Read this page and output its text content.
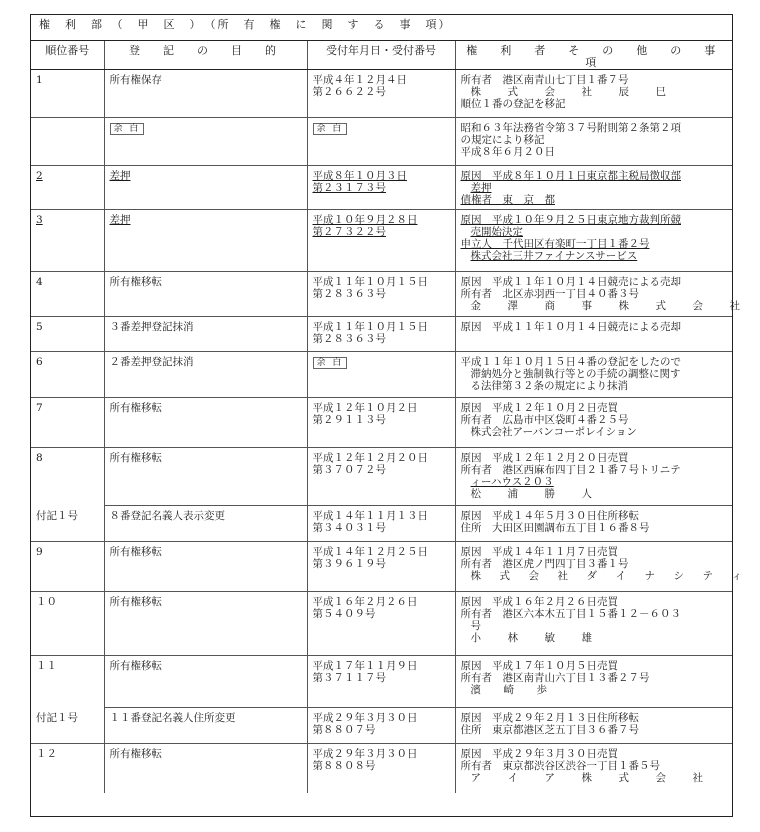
権　利　部　（　甲　区　）　（所　有　権　に　関　す　る　事　項）			
順位番号	登　記　の　目　的	受付年月日・受付番号	権　利　者　そ　の　他　の　事　項
1	所有権保存	平成４年１２月４日
第２６６２２号	所有者　港区南青山七丁目１番７号
株　式　会　社　辰　巳
順位１番の登記を移記

	余 白	余 白	昭和６３年法務省令第３７号附則第２条第２項
の規定により移記
平成８年６月２０日

2	差押	平成８年１０月３日
第２３１７３号	原因　平成８年１０月１日東京都主税局徴収部
差押
債権者　東　京　都

3	差押	平成１０年９月２８日
第２７３２２号	原因　平成１０年９月２５日東京地方裁判所競
売開始決定
申立人　千代田区有楽町一丁目１番２号
株式会社三井ファイナンスサービス

4	所有権移転	平成１１年１０月１５日
第２８３６３号	原因　平成１１年１０月１４日競売による売却
所有者　北区赤羽西一丁目４０番３号
金　澤　商　事　株　式　会　社

5	３番差押登記抹消	平成１１年１０月１５日
第２８３６３号	原因　平成１１年１０月１４日競売による売却

6	２番差押登記抹消	余 白	平成１１年１０月１５日４番の登記をしたので
滞納処分と強制執行等との手続の調整に関す
る法律第３２条の規定により抹消

7	所有権移転	平成１２年１０月２日
第２９１１３号	原因　平成１２年１０月２日売買
所有者　広島市中区袋町４番２５号
株式会社アーバンコーポレイション

8	所有権移転	平成１２年１２月２０日
第３７０７２号	原因　平成１２年１２月２０日売買
所有者　港区西麻布四丁目２１番７号トリニテ
ィーハウス２０３
松　浦　勝　人

付記１号	８番登記名義人表示変更	平成１４年１１月１３日
第３４０３１号	原因　平成１４年５月３０日住所移転
住所　大田区田園調布五丁目１６番８号

9	所有権移転	平成１４年１２月２５日
第３９６１９号	原因　平成１４年１１月７日売買
所有者　港区虎ノ門四丁目３番１号
株　式　会　社　ダ　イ　ナ　シ　テ　ィ

１０	所有権移転	平成１６年２月２６日
第５４０９号	原因　平成１６年２月２６日売買
所有者　港区六本木五丁目１５番１２－６０３
号
小　林　敏　雄

１１	所有権移転	平成１７年１１月９日
第３７１１７号	原因　平成１７年１０月５日売買
所有者　港区南青山六丁目１３番２７号
濱　崎　歩

付記１号	１１番登記名義人住所変更	平成２９年３月３０日
第８８０７号	原因　平成２９年２月１３日住所移転
住所　東京都港区芝五丁目３６番７号

１２	所有権移転	平成２９年３月３０日
第８８０８号	原因　平成２９年３月３０日売買
所有者　東京都渋谷区渋谷一丁目１番５号
ア　イ　ア　株　式　会　社
